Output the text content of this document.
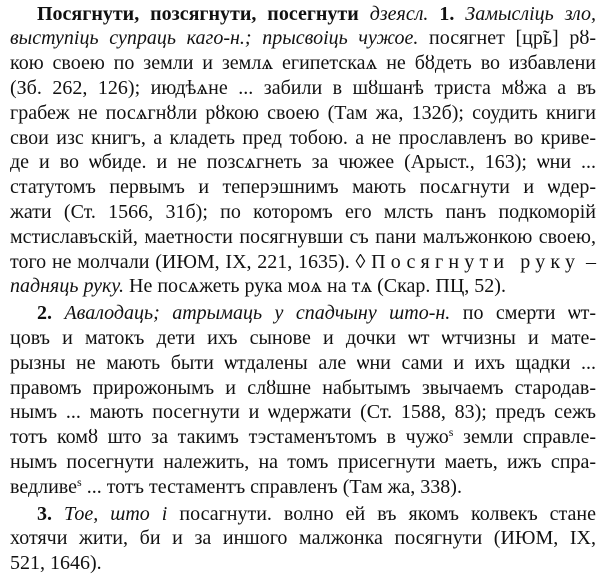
Посягнути, позсягнути, посегнути дзеясл. 1. Замысліць зло,
выступіць супраць каго-н.; прысвоіць чужое. посягнет [цр̃ь] рȣ-
кою своею по земли и землѧ египетскаѧ не бȣдеть во избавлени
(Зб. 262, 126); июдѣѧне ... забили в шȣшанѣ триста мȣжа а въ
грабеж не посѧгнȣли рȣкою своею (Там жа, 132б); соудить книги
свои изс книгъ, а кладеть пред тобою. а не прославленъ во криве-
де и во ѡбиде. и не позсѧгнеть за чюжее (Арыст., 163); ѡни ...
статутомъ первымъ и теперэшнимъ мають посѧгнути и ѡдер-
жати (Ст. 1566, 31б); по которомъ его млсть панъ подкоморій
мстиславъскій, маетности посягнувши съ пани малъжонкою своею,
того не молчали (ИЮМ, IX, 221, 1635). ◊ Посягнути руку –
падняць руку. Не посѧжеть рука моѧ на тѧ (Скар. ПЦ, 52).
2. Авалодаць; атрымаць у спадчыну што-н. по смерти ѡт-
цовъ и матокъ дети ихъ сынове и дочки ѡт ѡтчизны и мате-
рызны не мають быти ѡтдалены але ѡни сами и ихъ щадки ...
правомъ прирожонымъ и слȣшне набытымъ звычаемъ стародав-
нымъ ... мають посегнути и ѡдержати (Ст. 1588, 83); предъ сежъ
тотъ комȣ што за такимъ тэстаменътомъ в чужо$^s$ земли справле-
нымъ посегнути належить, на томъ присегнути маеть, ижъ спра-
ведливе$^s$ ... тотъ тестаментъ справленъ (Там жа, 338).
3. Тое, што і посагнути. волно ей въ якомъ колвекъ стане
хотячи жити, би и за иншого малжонка посягнути (ИЮМ, IX,
521, 1646).
